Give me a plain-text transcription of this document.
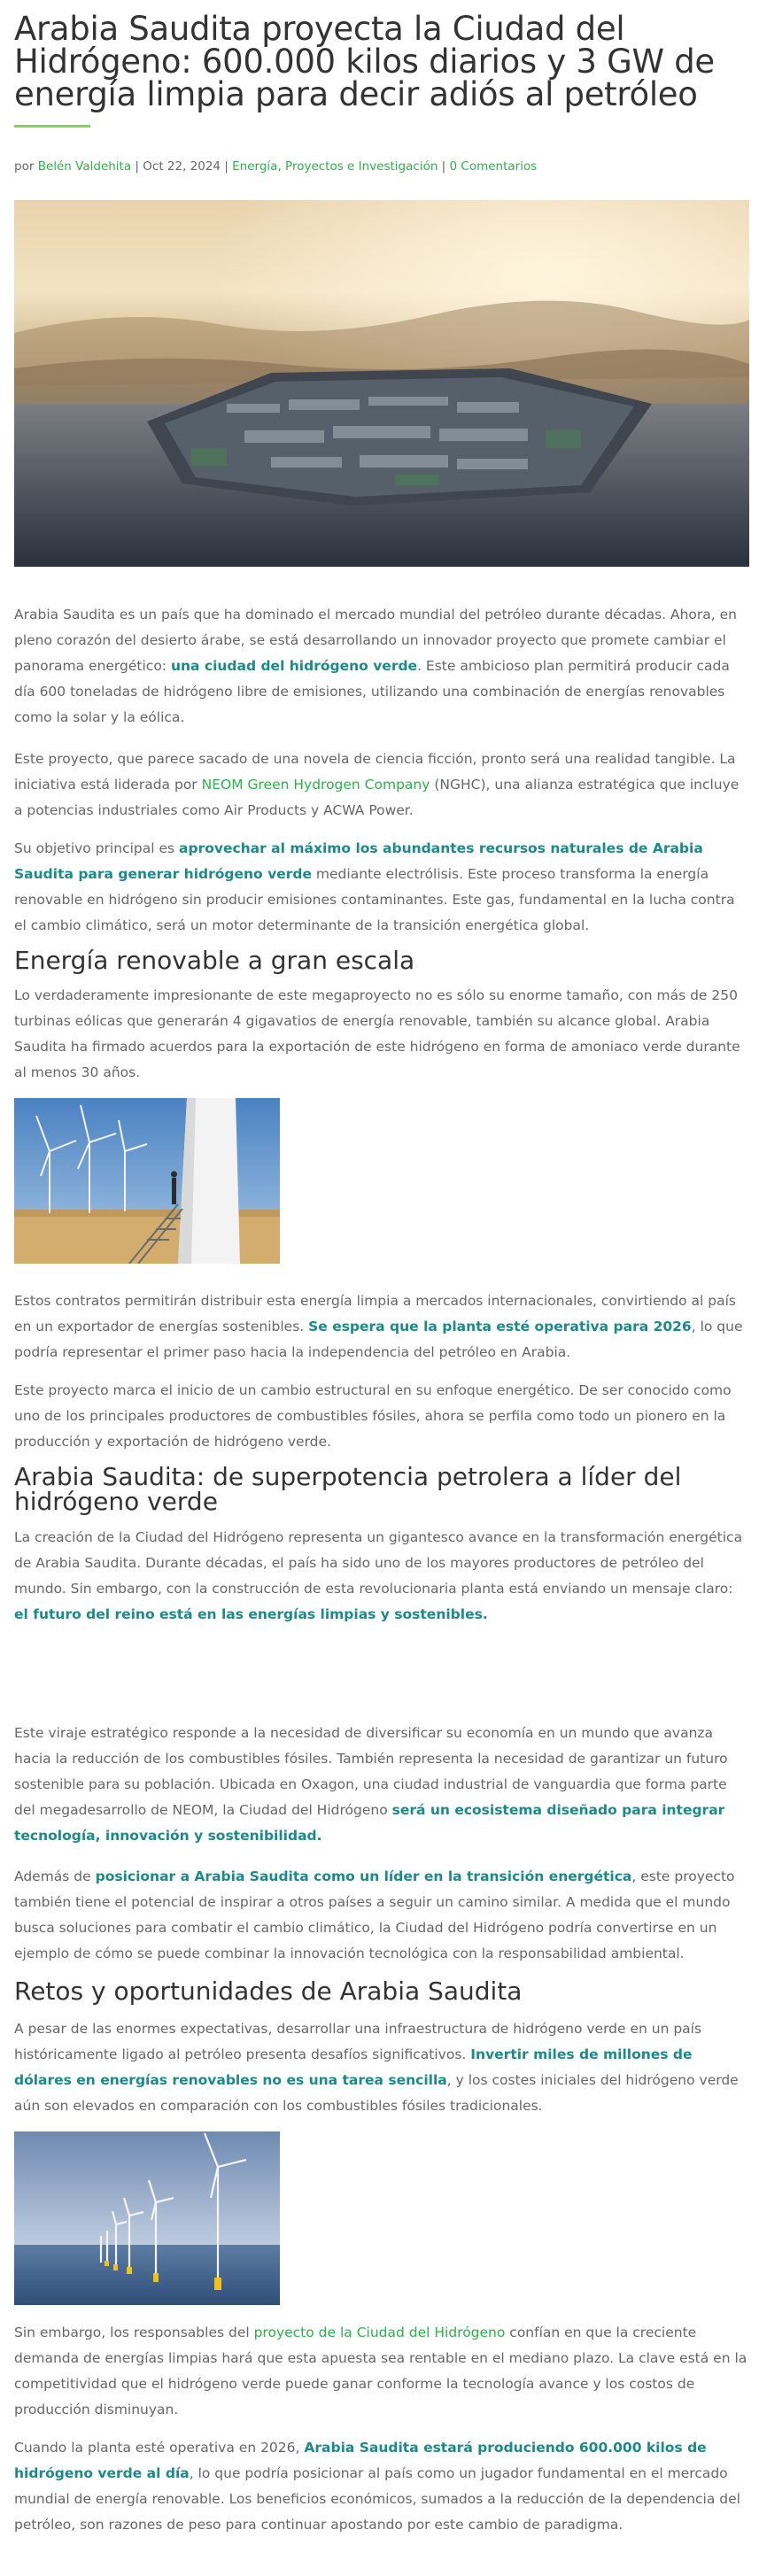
Arabia Saudita proyecta la Ciudad del Hidrógeno: 600.000 kilos diarios y 3 GW de energía limpia para decir adiós al petróleo
por Belén Valdehita | Oct 22, 2024 | Energía, Proyectos e Investigación | 0 Comentarios

Arabia Saudita es un país que ha dominado el mercado mundial del petróleo durante décadas. Ahora, en pleno corazón del desierto árabe, se está desarrollando un innovador proyecto que promete cambiar el panorama energético: una ciudad del hidrógeno verde. Este ambicioso plan permitirá producir cada día 600 toneladas de hidrógeno libre de emisiones, utilizando una combinación de energías renovables como la solar y la eólica.

Este proyecto, que parece sacado de una novela de ciencia ficción, pronto será una realidad tangible. La iniciativa está liderada por NEOM Green Hydrogen Company (NGHC), una alianza estratégica que incluye a potencias industriales como Air Products y ACWA Power.

Su objetivo principal es aprovechar al máximo los abundantes recursos naturales de Arabia Saudita para generar hidrógeno verde mediante electrólisis. Este proceso transforma la energía renovable en hidrógeno sin producir emisiones contaminantes. Este gas, fundamental en la lucha contra el cambio climático, será un motor determinante de la transición energética global.

Energía renovable a gran escala

Lo verdaderamente impresionante de este megaproyecto no es sólo su enorme tamaño, con más de 250 turbinas eólicas que generarán 4 gigavatios de energía renovable, también su alcance global. Arabia Saudita ha firmado acuerdos para la exportación de este hidrógeno en forma de amoniaco verde durante al menos 30 años.

Estos contratos permitirán distribuir esta energía limpia a mercados internacionales, convirtiendo al país en un exportador de energías sostenibles. Se espera que la planta esté operativa para 2026, lo que podría representar el primer paso hacia la independencia del petróleo en Arabia.

Este proyecto marca el inicio de un cambio estructural en su enfoque energético. De ser conocido como uno de los principales productores de combustibles fósiles, ahora se perfila como todo un pionero en la producción y exportación de hidrógeno verde.

Arabia Saudita: de superpotencia petrolera a líder del hidrógeno verde

La creación de la Ciudad del Hidrógeno representa un gigantesco avance en la transformación energética de Arabia Saudita. Durante décadas, el país ha sido uno de los mayores productores de petróleo del mundo. Sin embargo, con la construcción de esta revolucionaria planta está enviando un mensaje claro: el futuro del reino está en las energías limpias y sostenibles.

Este viraje estratégico responde a la necesidad de diversificar su economía en un mundo que avanza hacia la reducción de los combustibles fósiles. También representa la necesidad de garantizar un futuro sostenible para su población. Ubicada en Oxagon, una ciudad industrial de vanguardia que forma parte del megadesarrollo de NEOM, la Ciudad del Hidrógeno será un ecosistema diseñado para integrar tecnología, innovación y sostenibilidad.

Además de posicionar a Arabia Saudita como un líder en la transición energética, este proyecto también tiene el potencial de inspirar a otros países a seguir un camino similar. A medida que el mundo busca soluciones para combatir el cambio climático, la Ciudad del Hidrógeno podría convertirse en un ejemplo de cómo se puede combinar la innovación tecnológica con la responsabilidad ambiental.

Retos y oportunidades de Arabia Saudita

A pesar de las enormes expectativas, desarrollar una infraestructura de hidrógeno verde en un país históricamente ligado al petróleo presenta desafíos significativos. Invertir miles de millones de dólares en energías renovables no es una tarea sencilla, y los costes iniciales del hidrógeno verde aún son elevados en comparación con los combustibles fósiles tradicionales.

Sin embargo, los responsables del proyecto de la Ciudad del Hidrógeno confían en que la creciente demanda de energías limpias hará que esta apuesta sea rentable en el mediano plazo. La clave está en la competitividad que el hidrógeno verde puede ganar conforme la tecnología avance y los costos de producción disminuyan.

Cuando la planta esté operativa en 2026, Arabia Saudita estará produciendo 600.000 kilos de hidrógeno verde al día, lo que podría posicionar al país como un jugador fundamental en el mercado mundial de energía renovable. Los beneficios económicos, sumados a la reducción de la dependencia del petróleo, son razones de peso para continuar apostando por este cambio de paradigma.
